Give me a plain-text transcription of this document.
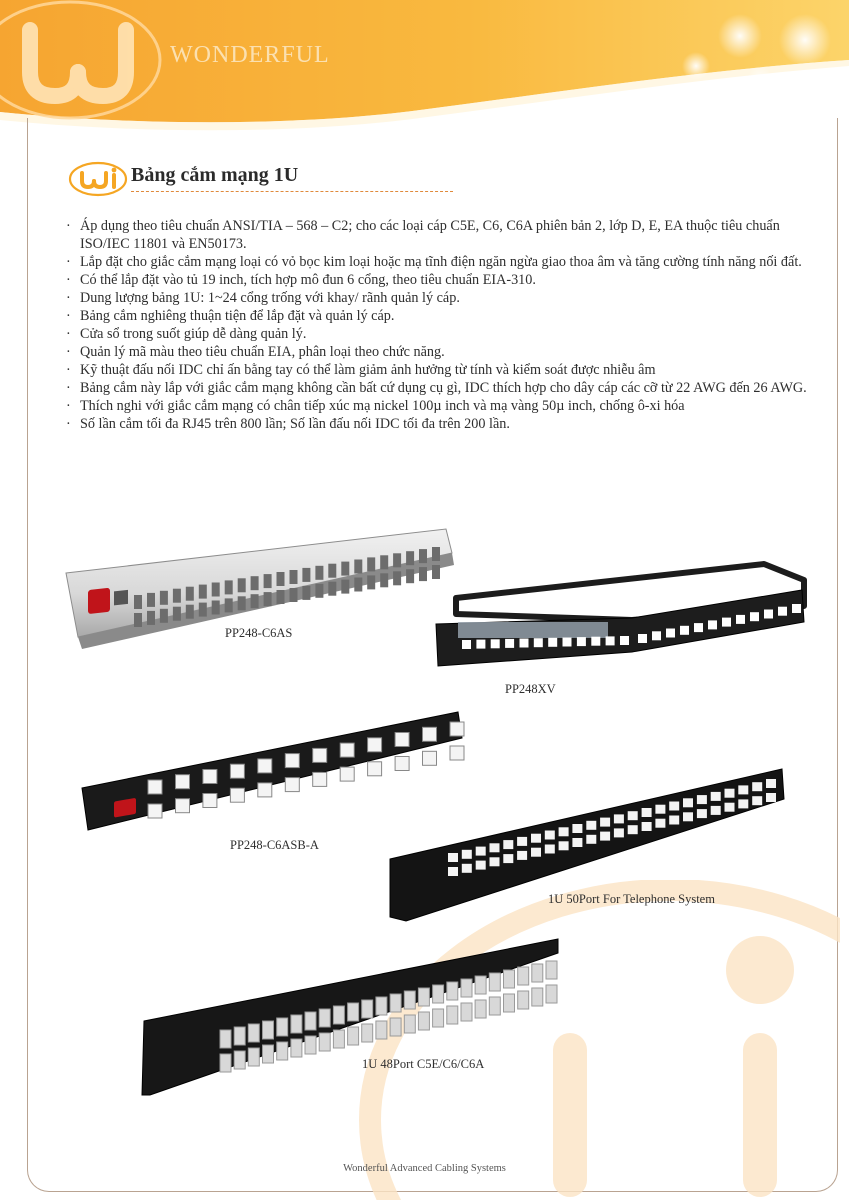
WONDERFUL
Bảng cắm mạng 1U
· Áp dụng theo tiêu chuẩn ANSI/TIA – 568 – C2; cho các loại cáp C5E, C6, C6A phiên bản 2, lớp D, E, EA thuộc tiêu chuẩn ISO/IEC 11801 và EN50173.
· Lắp đặt cho giắc cắm mạng loại có vỏ bọc kim loại hoặc mạ tĩnh điện ngăn ngừa giao thoa âm và tăng cường tính năng nối đất.
· Có thể lắp đặt vào tủ 19 inch, tích hợp mô đun 6 cổng, theo tiêu chuẩn EIA-310.
· Dung lượng bảng 1U: 1~24 cổng trống với khay/ rãnh quản lý cáp.
· Bảng cắm nghiêng thuận tiện để lắp đặt và quản lý cáp.
· Cửa sổ trong suốt giúp dễ dàng quản lý.
· Quản lý mã màu theo tiêu chuẩn EIA, phân loại theo chức năng.
· Kỹ thuật đấu nối IDC chỉ ấn bằng tay có thể làm giảm ảnh hưởng từ tính và kiểm soát được nhiễu âm
· Bảng cắm này lắp với giắc cắm mạng không cần bất cứ dụng cụ gì, IDC thích hợp cho dây cáp các cỡ từ 22 AWG đến 26 AWG.
· Thích nghi với giắc cắm mạng có chân tiếp xúc mạ nickel 100µ inch và mạ vàng 50µ inch, chống ô-xi hóa
· Số lần cắm tối đa RJ45 trên 800 lần; Số lần đấu nối IDC tối đa trên 200 lần.
PP248-C6AS
PP248XV
PP248-C6ASB-A
1U 50Port For Telephone System
1U 48Port C5E/C6/C6A
Wonderful Advanced Cabling Systems
